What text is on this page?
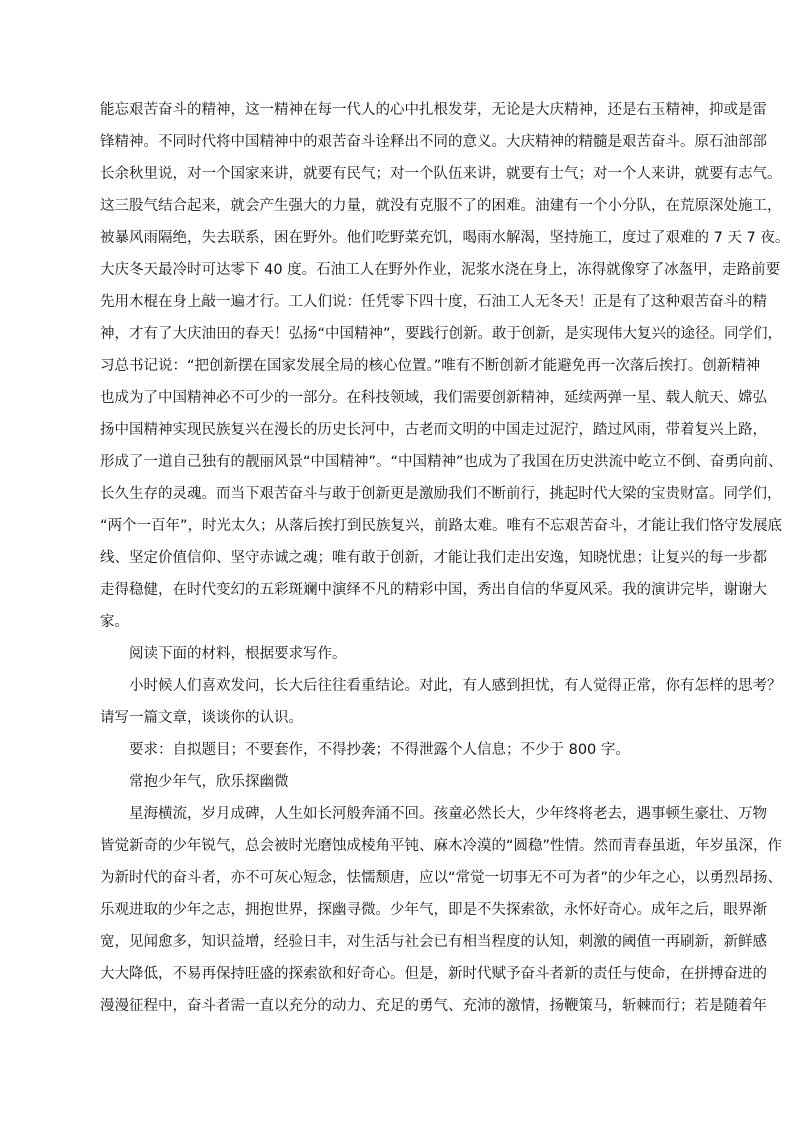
能忘艰苦奋斗的精神，这一精神在每一代人的心中扎根发芽，无论是大庆精神，还是右玉精神，抑或是雷
锋精神。不同时代将中国精神中的艰苦奋斗诠释出不同的意义。大庆精神的精髓是艰苦奋斗。原石油部部
长余秋里说，对一个国家来讲，就要有民气；对一个队伍来讲，就要有士气；对一个人来讲，就要有志气。
这三股气结合起来，就会产生强大的力量，就没有克服不了的困难。油建有一个小分队，在荒原深处施工，
被暴风雨隔绝，失去联系，困在野外。他们吃野菜充饥，喝雨水解渴，坚持施工，度过了艰难的 7 天 7 夜。
大庆冬天最冷时可达零下 40 度。石油工人在野外作业，泥浆水浇在身上，冻得就像穿了冰盔甲，走路前要
先用木棍在身上敲一遍才行。工人们说：任凭零下四十度，石油工人无冬天！正是有了这种艰苦奋斗的精
神，才有了大庆油田的春天！弘扬“中国精神”，要践行创新。敢于创新，是实现伟大复兴的途径。同学们，
习总书记说：“把创新摆在国家发展全局的核心位置。”唯有不断创新才能避免再一次落后挨打。创新精神
也成为了中国精神必不可少的一部分。在科技领域，我们需要创新精神，延续两弹一星、载人航天、嫦弘
扬中国精神实现民族复兴在漫长的历史长河中，古老而文明的中国走过泥泞，踏过风雨，带着复兴上路，
形成了一道自己独有的靓丽风景“中国精神”。“中国精神”也成为了我国在历史洪流中屹立不倒、奋勇向前、
长久生存的灵魂。而当下艰苦奋斗与敢于创新更是激励我们不断前行，挑起时代大梁的宝贵财富。同学们，
“两个一百年”，时光太久；从落后挨打到民族复兴，前路太难。唯有不忘艰苦奋斗，才能让我们恪守发展底
线、坚定价值信仰、坚守赤诚之魂；唯有敢于创新，才能让我们走出安逸，知晓忧患；让复兴的每一步都
走得稳健，在时代变幻的五彩斑斓中演绎不凡的精彩中国，秀出自信的华夏风采。我的演讲完毕，谢谢大
家。
阅读下面的材料，根据要求写作。
小时候人们喜欢发问，长大后往往看重结论。对此，有人感到担忧，有人觉得正常，你有怎样的思考？
请写一篇文章，谈谈你的认识。
要求：自拟题目；不要套作，不得抄袭；不得泄露个人信息；不少于 800 字。
常抱少年气，欣乐探幽微
星海横流，岁月成碑，人生如长河般奔涌不回。孩童必然长大，少年终将老去，遇事顿生豪壮、万物
皆觉新奇的少年锐气，总会被时光磨蚀成棱角平钝、麻木冷漠的“圆稳”性情。然而青春虽逝，年岁虽深，作
为新时代的奋斗者，亦不可灰心短念，怯懦颓唐，应以“常觉一切事无不可为者”的少年之心，以勇烈昂扬、
乐观进取的少年之志，拥抱世界，探幽寻微。少年气，即是不失探索欲，永怀好奇心。成年之后，眼界渐
宽，见闻愈多，知识益增，经验日丰，对生活与社会已有相当程度的认知，刺激的阈值一再刷新，新鲜感
大大降低，不易再保持旺盛的探索欲和好奇心。但是，新时代赋予奋斗者新的责任与使命，在拼搏奋进的
漫漫征程中，奋斗者需一直以充分的动力、充足的勇气、充沛的激情，扬鞭策马，斩棘而行；若是随着年
